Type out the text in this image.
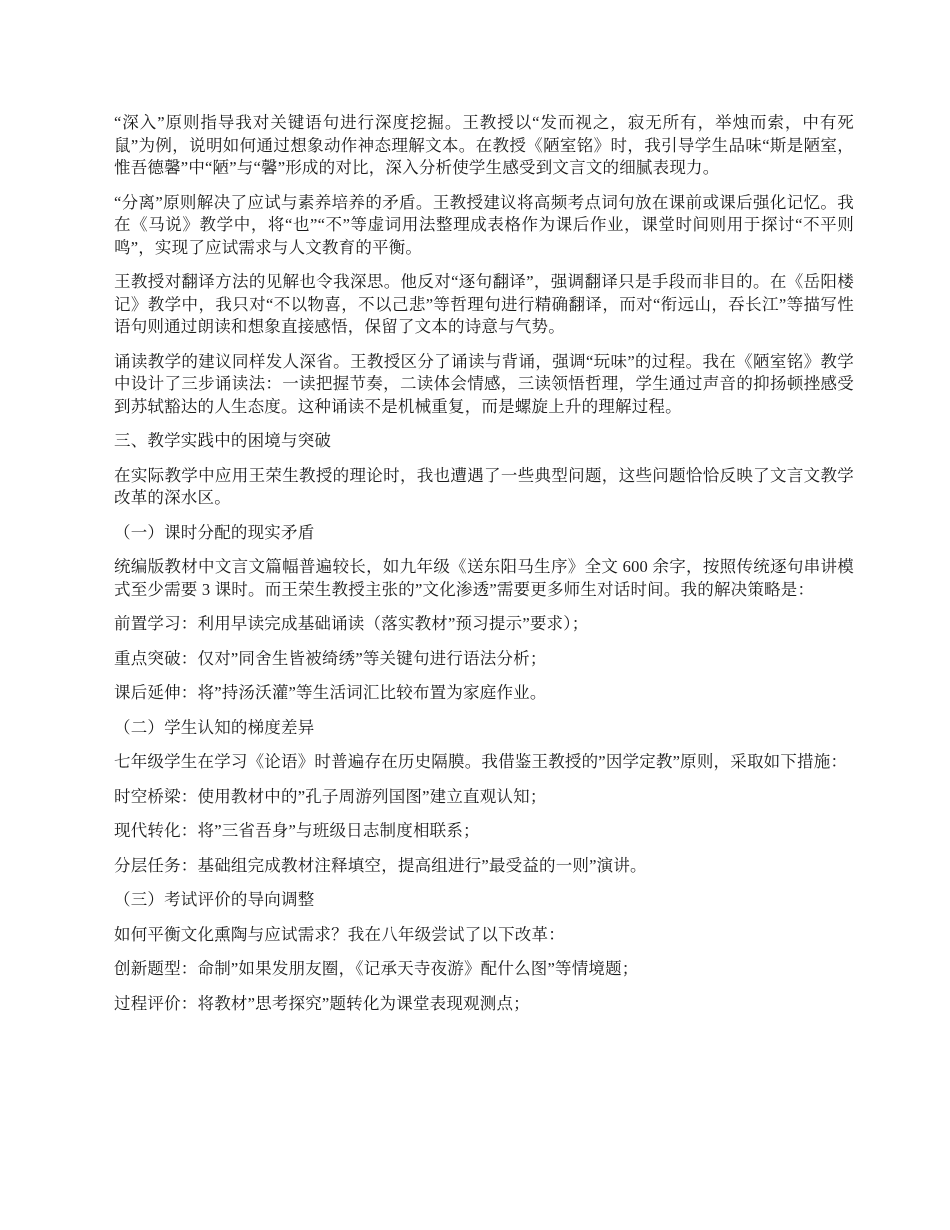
“深入”原则指导我对关键语句进行深度挖掘。王教授以“发而视之，寂无所有，举烛而索，中有死鼠”为例，说明如何通过想象动作神态理解文本。在教授《陋室铭》时，我引导学生品味“斯是陋室，惟吾德馨”中“陋”与“馨”形成的对比，深入分析使学生感受到文言文的细腻表现力。

“分离”原则解决了应试与素养培养的矛盾。王教授建议将高频考点词句放在课前或课后强化记忆。我在《马说》教学中，将“也”“不”等虚词用法整理成表格作为课后作业，课堂时间则用于探讨“不平则鸣”，实现了应试需求与人文教育的平衡。

王教授对翻译方法的见解也令我深思。他反对“逐句翻译”，强调翻译只是手段而非目的。在《岳阳楼记》教学中，我只对“不以物喜，不以己悲”等哲理句进行精确翻译，而对“衔远山，吞长江”等描写性语句则通过朗读和想象直接感悟，保留了文本的诗意与气势。

诵读教学的建议同样发人深省。王教授区分了诵读与背诵，强调“玩味”的过程。我在《陋室铭》教学中设计了三步诵读法：一读把握节奏，二读体会情感，三读领悟哲理，学生通过声音的抑扬顿挫感受到苏轼豁达的人生态度。这种诵读不是机械重复，而是螺旋上升的理解过程。

三、教学实践中的困境与突破

在实际教学中应用王荣生教授的理论时，我也遭遇了一些典型问题，这些问题恰恰反映了文言文教学改革的深水区。

（一）课时分配的现实矛盾

统编版教材中文言文篇幅普遍较长，如九年级《送东阳马生序》全文 600 余字，按照传统逐句串讲模式至少需要 3 课时。而王荣生教授主张的”文化渗透”需要更多师生对话时间。我的解决策略是：

前置学习：利用早读完成基础诵读（落实教材”预习提示”要求）；

重点突破：仅对”同舍生皆被绮绣”等关键句进行语法分析；

课后延伸：将”持汤沃灌”等生活词汇比较布置为家庭作业。

（二）学生认知的梯度差异

七年级学生在学习《论语》时普遍存在历史隔膜。我借鉴王教授的”因学定教”原则，采取如下措施：

时空桥梁：使用教材中的”孔子周游列国图”建立直观认知；

现代转化：将”三省吾身”与班级日志制度相联系；

分层任务：基础组完成教材注释填空，提高组进行”最受益的一则”演讲。

（三）考试评价的导向调整

如何平衡文化熏陶与应试需求？我在八年级尝试了以下改革：

创新题型：命制”如果发朋友圈，《记承天寺夜游》配什么图”等情境题；

过程评价：将教材”思考探究”题转化为课堂表现观测点；
